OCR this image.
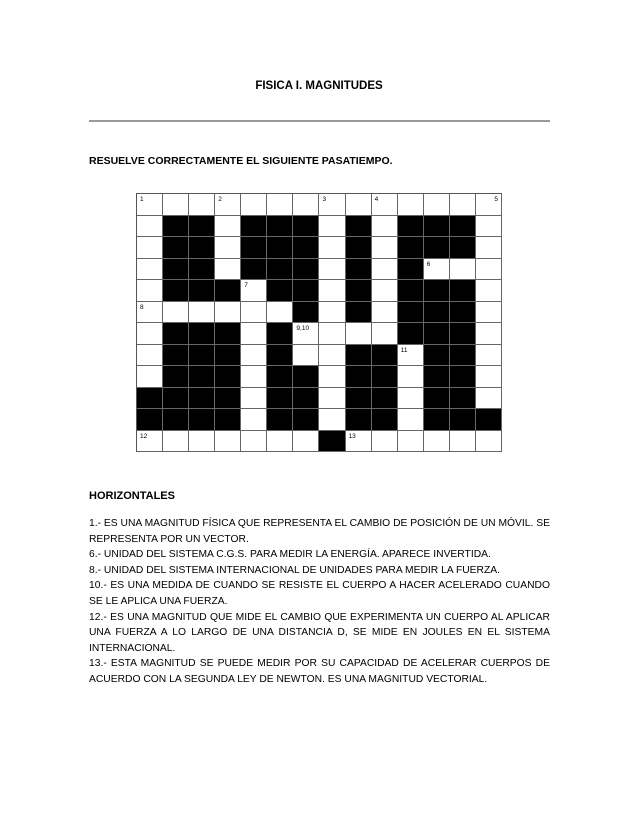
FISICA I. MAGNITUDES
RESUELVE CORRECTAMENTE EL SIGUIENTE PASATIEMPO.
1	2	3	4	5
6
7
8
9,10
11
12	13
HORIZONTALES

1.- ES UNA MAGNITUD FÍSICA QUE REPRESENTA EL CAMBIO DE POSICIÓN DE UN MÓVIL. SE REPRESENTA POR UN VECTOR.

6.- UNIDAD DEL SISTEMA C.G.S. PARA MEDIR LA ENERGÍA. APARECE INVERTIDA.

8.- UNIDAD DEL SISTEMA INTERNACIONAL DE UNIDADES PARA MEDIR LA FUERZA.

10.- ES UNA MEDIDA DE CUANDO SE RESISTE EL CUERPO A HACER ACELERADO CUANDO SE LE APLICA UNA FUERZA.

12.- ES UNA MAGNITUD QUE MIDE EL CAMBIO QUE EXPERIMENTA UN CUERPO AL APLICAR UNA FUERZA A LO LARGO DE UNA DISTANCIA D, SE MIDE EN JOULES EN EL SISTEMA INTERNACIONAL.

13.- ESTA MAGNITUD SE PUEDE MEDIR POR SU CAPACIDAD DE ACELERAR CUERPOS DE ACUERDO CON LA SEGUNDA LEY DE NEWTON. ES UNA MAGNITUD VECTORIAL.
